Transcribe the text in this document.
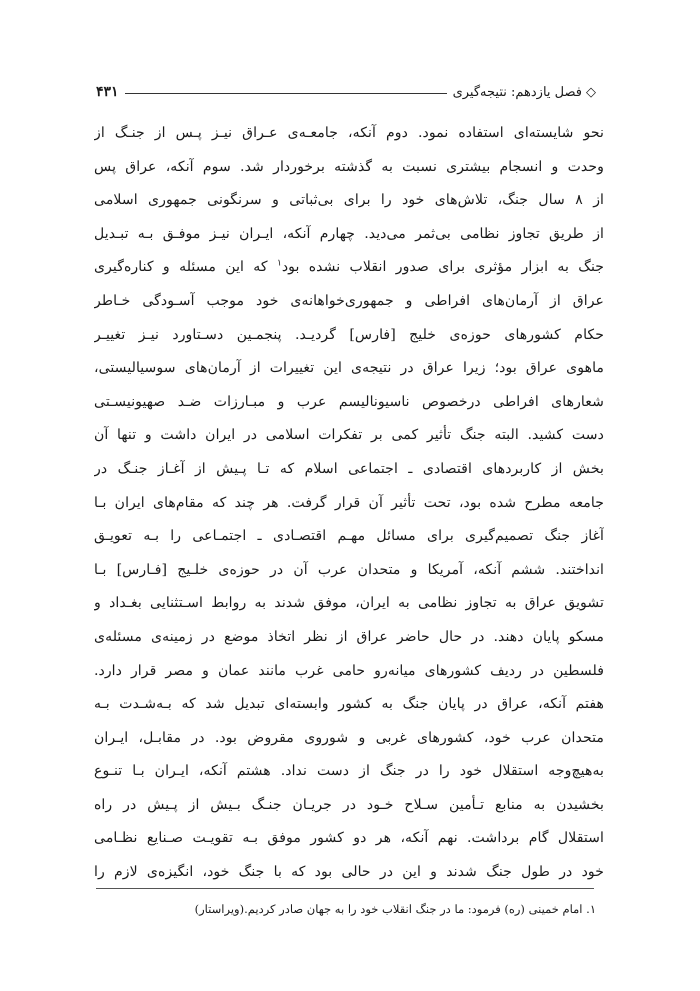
◇
فصل یازدهم: نتیجه‌گیری
۴۳۱
نحو شایسته‌ای استفاده نمود. دوم آنکه، جامعـه‌ی عـراق نیـز پـس از جنـگ از
وحدت و انسجام بیشتری نسبت به گذشته برخوردار شد. سوم آنکه، عراق پس
از ۸ سال جنگ، تلاش‌های خود را برای بی‌ثباتی و سرنگونی جمهوری اسلامی
از طریق تجاوز نظامی بی‌ثمر می‌دید. چهارم آنکه، ایـران نیـز موفـق بـه تبـدیل
جنگ به ابزار مؤثری برای صدور انقلاب نشده بود$^۱$ که این مسئله و کناره‌گیری
عراق از آرمان‌های افراطی و جمهوری‌خواهانه‌ی خود موجب آسـودگی خـاطر
حکام کشورهای حوزه‌ی خلیج [فارس] گردیـد. پنجمـین دسـتاورد نیـز تغییـر
ماهوی عراق بود؛ زیرا عراق در نتیجه‌ی این تغییرات از آرمان‌های سوسیالیستی،
شعارهای افراطی درخصوص ناسیونالیسم عرب و مبـارزات ضـد صهیونیسـتی
دست کشید. البته جنگ تأثیر کمی بر تفکرات اسلامی در ایران داشت و تنها آن
بخش از کاربردهای اقتصادی ـ اجتماعی اسلام که تـا پـیش از آغـاز جنـگ در
جامعه مطرح شده بود، تحت تأثیر آن قرار گرفت. هر چند که مقام‌های ایران بـا
آغاز جنگ تصمیم‌گیری برای مسائل مهـم اقتصـادی ـ اجتمـاعی را بـه تعویـق
انداختند. ششم آنکه، آمریکا و متحدان عرب آن در حوزه‌ی خلـیج [فـارس] بـا
تشویق عراق به تجاوز نظامی به ایران، موفق شدند به روابط اسـتثنایی بغـداد و
مسکو پایان دهند. در حال حاضر عراق از نظر اتخاذ موضع در زمینه‌ی مسئله‌ی
فلسطین در ردیف کشورهای میانه‌رو حامی غرب مانند عمان و مصر قرار دارد.
هفتم آنکه، عراق در پایان جنگ به کشور وابسته‌ای تبدیل شد که بـه‌شـدت بـه
متحدان عرب خود، کشورهای غربی و شوروی مقروض بود. در مقابـل، ایـران
به‌هیچ‌وجه استقلال خود را در جنگ از دست نداد. هشتم آنکه، ایـران بـا تنـوع
بخشیدن به منابع تـأمین سـلاح خـود در جریـان جنـگ بـیش از پـیش در راه
استقلال گام برداشت. نهم آنکه، هر دو کشور موفق بـه تقویـت صـنایع نظـامی
خود در طول جنگ شدند و این در حالی بود که با جنگ خود، انگیزه‌ی لازم را
۱. امام خمینی (ره) فرمود: ما در جنگ انقلاب خود را به جهان صادر کردیم.(ویراستار)
